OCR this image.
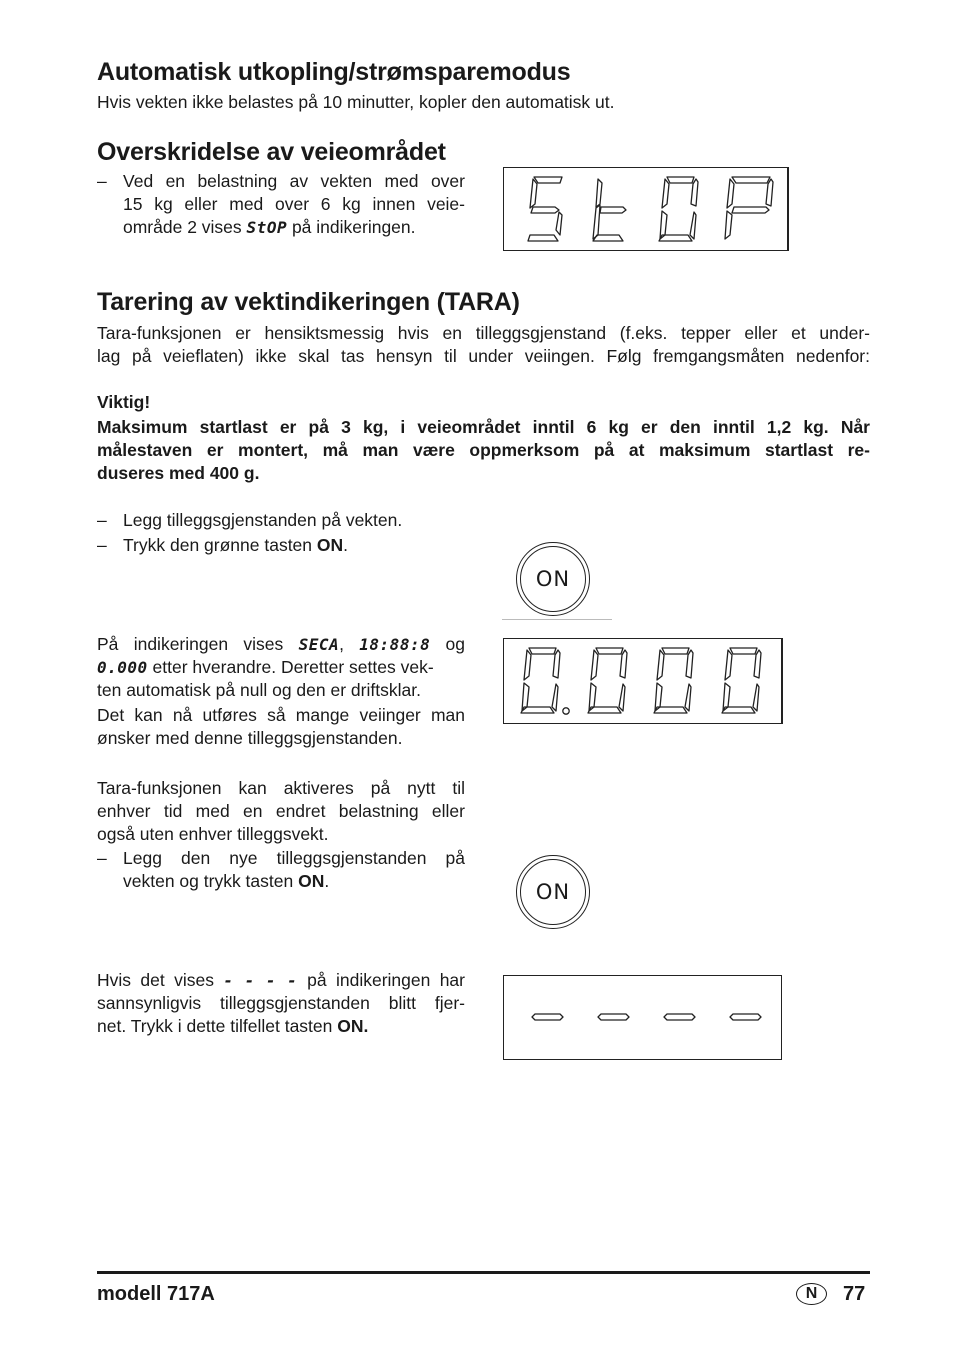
Automatisk utkopling/strømsparemodus

Hvis vekten ikke belastes på 10 minutter, kopler den automatisk ut.

Overskridelse av veieområdet
– Ved en belastning av vekten med over
15 kg eller med over 6 kg innen veie-
område 2 vises StOP på indikeringen.
Tarering av vektindikeringen (TARA)
Tara-funksjonen er hensiktsmessig hvis en tilleggsgjenstand (f.eks. tepper eller et under-
lag på veieflaten) ikke skal tas hensyn til under veiingen. Følg fremgangsmåten nedenfor:
Viktig!
Maksimum startlast er på 3 kg, i veieområdet inntil 6 kg er den inntil 1,2 kg. Når
målestaven er montert, må man være oppmerksom på at maksimum startlast re-
duseres med 400 g.
– Legg tilleggsgjenstanden på vekten.
– Trykk den grønne tasten ON.
ON
På indikeringen vises SECA, 18:88:8 og
0.000 etter hverandre. Deretter settes vek-
ten automatisk på null og den er driftsklar.
Det kan nå utføres så mange veiinger man
ønsker med denne tilleggsgjenstanden.
Tara-funksjonen kan aktiveres på nytt til
enhver tid med en endret belastning eller
også uten enhver tilleggsvekt.
– Legg den nye tilleggsgjenstanden på
vekten og trykk tasten ON.	ON
Hvis det vises - - - - på indikeringen har
sannsynligvis tilleggsgjenstanden blitt fjer-
net. Trykk i dette tilfellet tasten ON.
modell 717A	N	77
